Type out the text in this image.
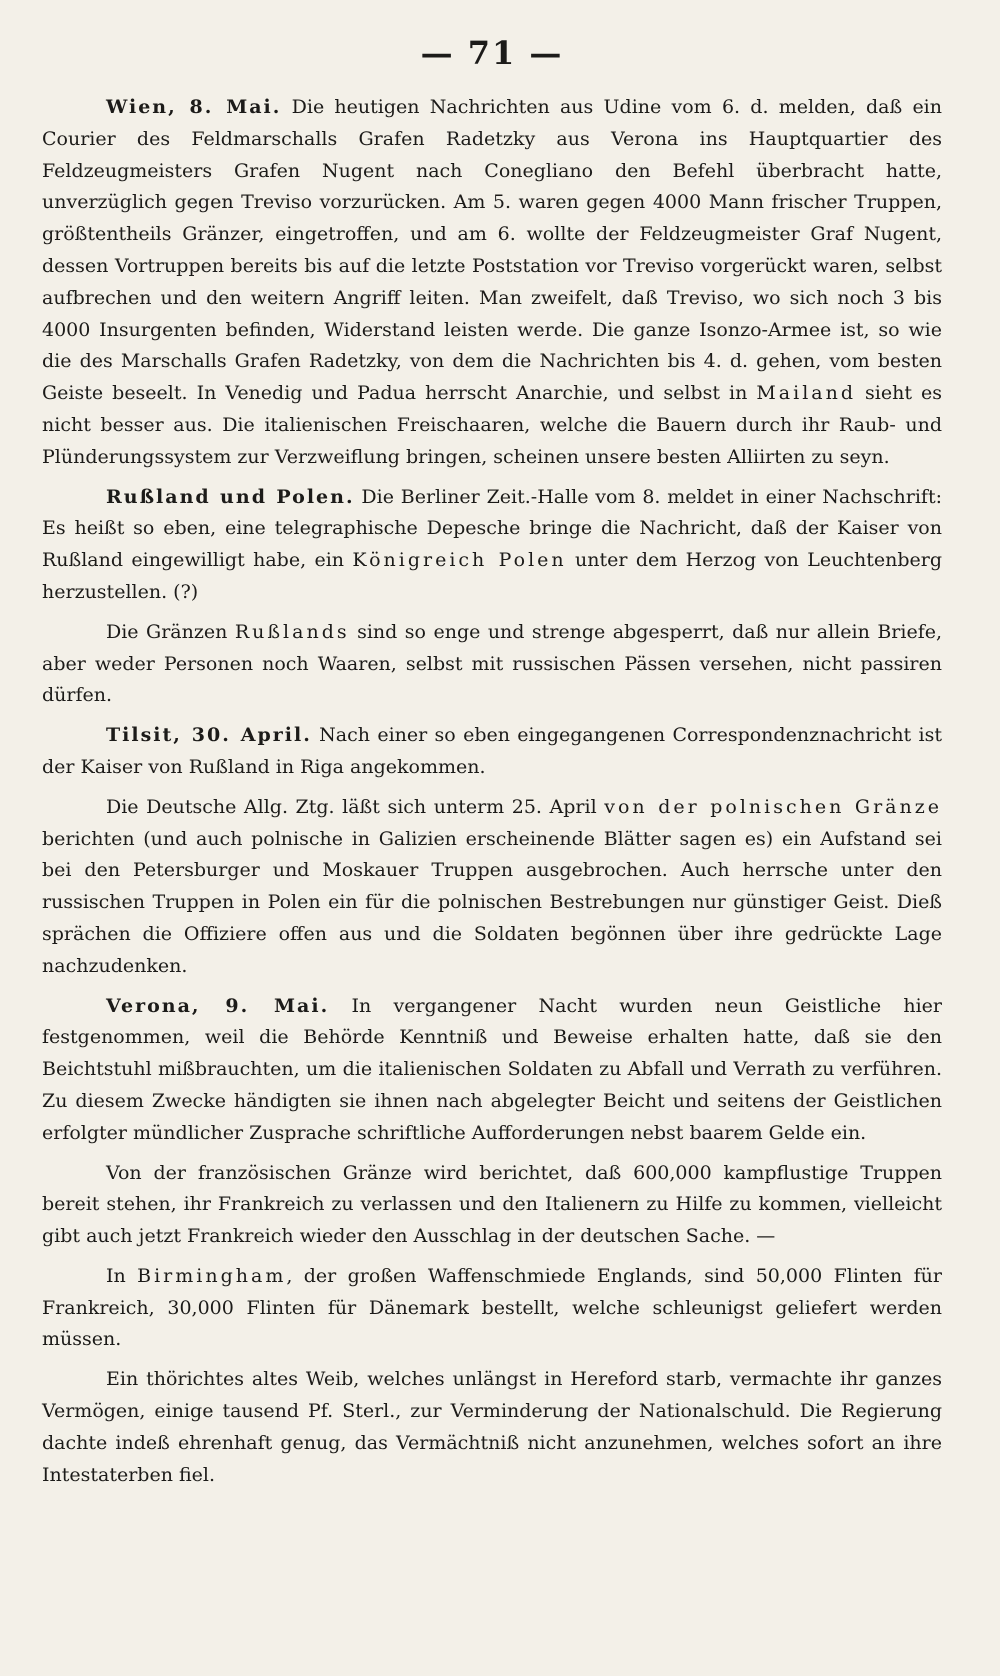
— 71 —

Wien, 8. Mai. Die heutigen Nachrichten aus Udine vom 6. d. melden, daß ein Courier des Feldmarschalls Grafen Radetzky aus Verona ins Hauptquartier des Feldzeugmeisters Grafen Nugent nach Conegliano den Befehl überbracht hatte, unverzüglich gegen Treviso vorzurücken. Am 5. waren gegen 4000 Mann frischer Truppen, größtentheils Gränzer, eingetroffen, und am 6. wollte der Feldzeugmeister Graf Nugent, dessen Vortruppen bereits bis auf die letzte Poststation vor Treviso vorgerückt waren, selbst aufbrechen und den weitern Angriff leiten. Man zweifelt, daß Treviso, wo sich noch 3 bis 4000 Insurgenten befinden, Widerstand leisten werde. Die ganze Isonzo-Armee ist, so wie die des Marschalls Grafen Radetzky, von dem die Nachrichten bis 4. d. gehen, vom besten Geiste beseelt. In Venedig und Padua herrscht Anarchie, und selbst in Mailand sieht es nicht besser aus. Die italienischen Freischaaren, welche die Bauern durch ihr Raub- und Plünderungssystem zur Verzweiflung bringen, scheinen unsere besten Alliirten zu seyn.

Rußland und Polen. Die Berliner Zeit.-Halle vom 8. meldet in einer Nachschrift: Es heißt so eben, eine telegraphische Depesche bringe die Nachricht, daß der Kaiser von Rußland eingewilligt habe, ein Königreich Polen unter dem Herzog von Leuchtenberg herzustellen. (?)

Die Gränzen Rußlands sind so enge und strenge abgesperrt, daß nur allein Briefe, aber weder Personen noch Waaren, selbst mit russischen Pässen versehen, nicht passiren dürfen.

Tilsit, 30. April. Nach einer so eben eingegangenen Correspondenznachricht ist der Kaiser von Rußland in Riga angekommen.

Die Deutsche Allg. Ztg. läßt sich unterm 25. April von der polnischen Gränze berichten (und auch polnische in Galizien erscheinende Blätter sagen es) ein Aufstand sei bei den Petersburger und Moskauer Truppen ausgebrochen. Auch herrsche unter den russischen Truppen in Polen ein für die polnischen Bestrebungen nur günstiger Geist. Dieß sprächen die Offiziere offen aus und die Soldaten begönnen über ihre gedrückte Lage nachzudenken.

Verona, 9. Mai. In vergangener Nacht wurden neun Geistliche hier festgenommen, weil die Behörde Kenntniß und Beweise erhalten hatte, daß sie den Beichtstuhl mißbrauchten, um die italienischen Soldaten zu Abfall und Verrath zu verführen. Zu diesem Zwecke händigten sie ihnen nach abgelegter Beicht und seitens der Geistlichen erfolgter mündlicher Zusprache schriftliche Aufforderungen nebst baarem Gelde ein.

Von der französischen Gränze wird berichtet, daß 600,000 kampflustige Truppen bereit stehen, ihr Frankreich zu verlassen und den Italienern zu Hilfe zu kommen, vielleicht gibt auch jetzt Frankreich wieder den Ausschlag in der deutschen Sache. —

In Birmingham, der großen Waffenschmiede Englands, sind 50,000 Flinten für Frankreich, 30,000 Flinten für Dänemark bestellt, welche schleunigst geliefert werden müssen.

Ein thörichtes altes Weib, welches unlängst in Hereford starb, vermachte ihr ganzes Vermögen, einige tausend Pf. Sterl., zur Verminderung der Nationalschuld. Die Regierung dachte indeß ehrenhaft genug, das Vermächtniß nicht anzunehmen, welches sofort an ihre Intestaterben fiel.
